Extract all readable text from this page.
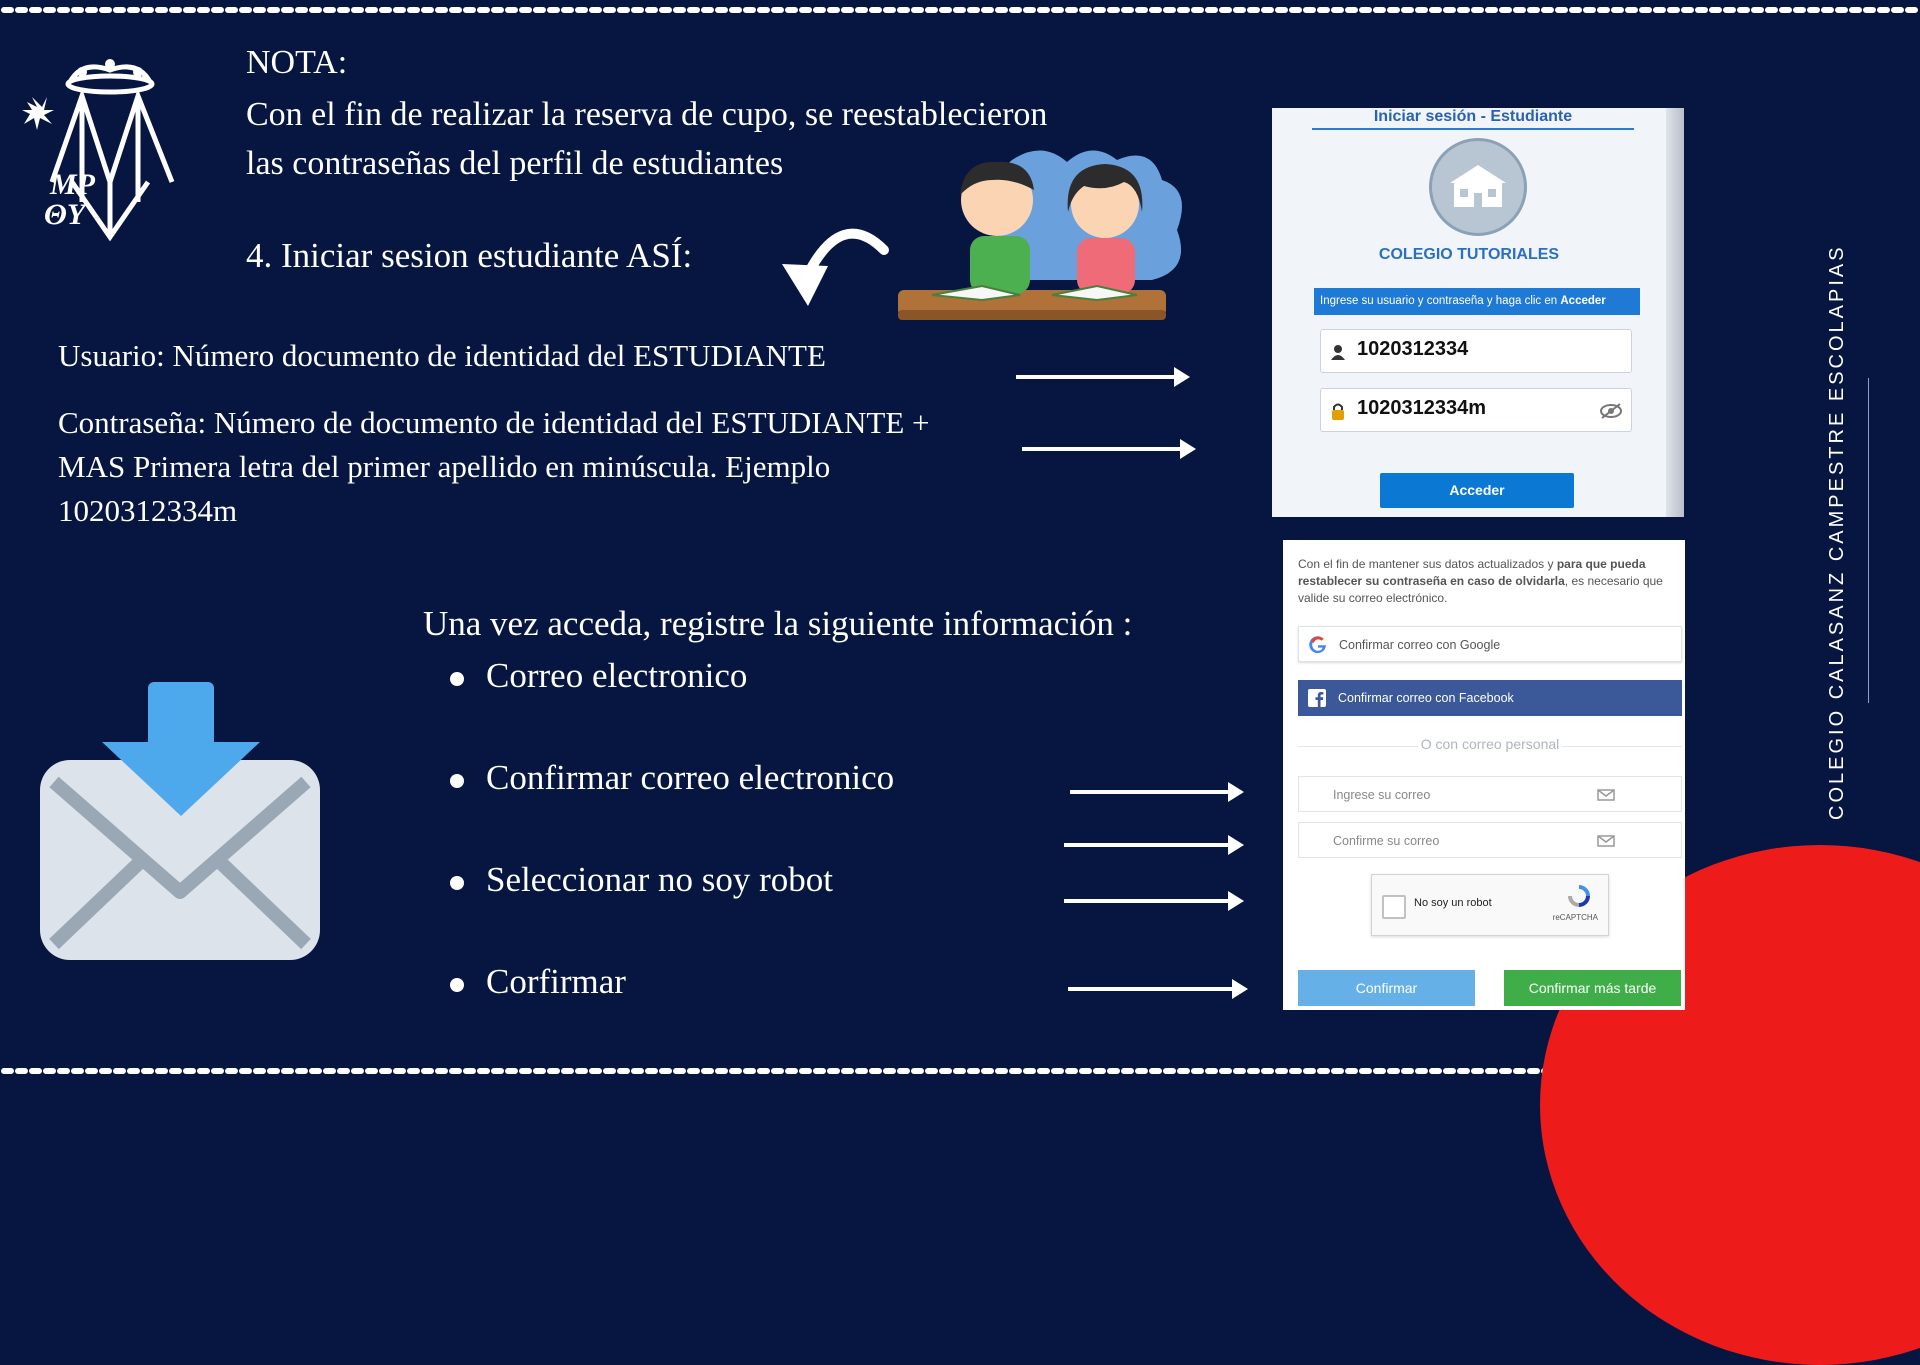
MP
ΘY
NOTA:
Con el fin de realizar la reserva de cupo, se reestablecieron
las contraseñas del perfil de estudiantes
4. Iniciar sesion estudiante ASÍ:
Usuario: Número documento de identidad del ESTUDIANTE
Contraseña: Número de documento de identidad del ESTUDIANTE +
MAS Primera letra del primer apellido en minúscula. Ejemplo
1020312334m
Una vez acceda, registre la siguiente información :
Correo electronico
Confirmar correo electronico
Seleccionar no soy robot
Corfirmar
COLEGIO CALASANZ CAMPESTRE ESCOLAPIAS
Iniciar sesión - Estudiante
COLEGIO TUTORIALES
Ingrese su usuario y contraseña y haga clic en Acceder
1020312334
1020312334m
Acceder
Con el fin de mantener sus datos actualizados y para que pueda restablecer su contraseña en caso de olvidarla, es necesario que valide su correo electrónico.
Confirmar correo con Google
Confirmar correo con Facebook
O con correo personal
Ingrese su correo
Confirme su correo
No soy un robot
reCAPTCHA
Confirmar	Confirmar más tarde
